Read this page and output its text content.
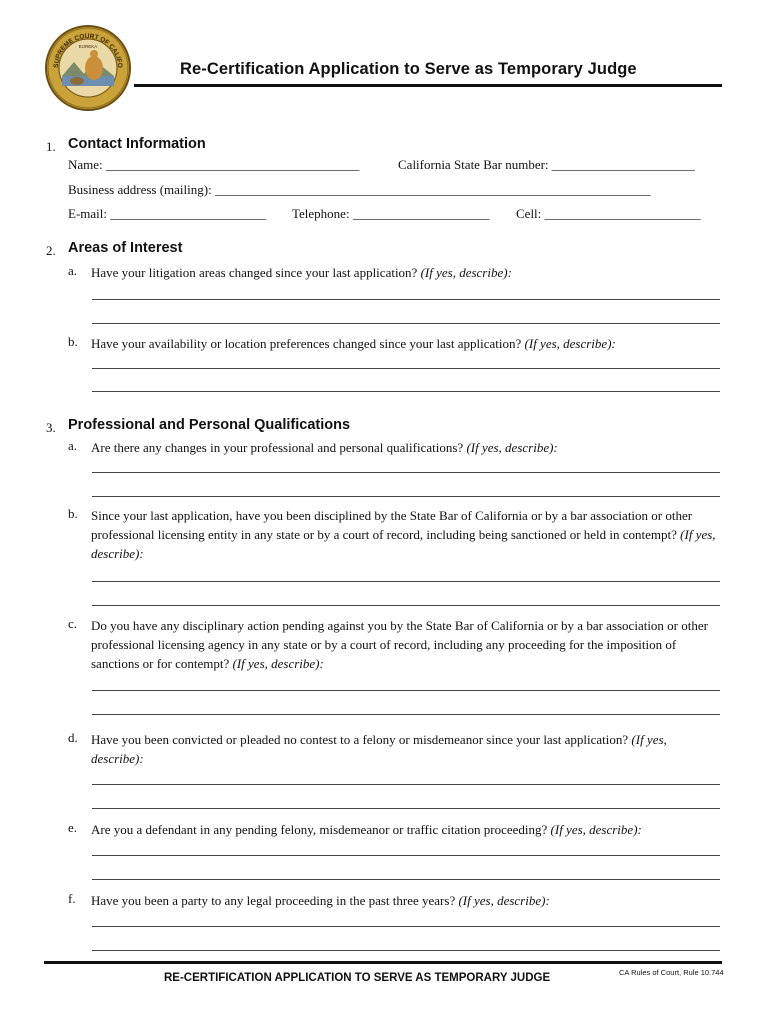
SUPREME COURT OF CALIFO
EUREKA
Re-Certification Application to Serve as Temporary Judge
1. Contact Information
Name: _______________________________________	California State Bar number: ______________________
Business address (mailing): ___________________________________________________________________
E-mail: ________________________ Telephone: _____________________ Cell: ________________________
2. Areas of Interest
a. Have your litigation areas changed since your last application? (If yes, describe):
b. Have your availability or location preferences changed since your last application? (If yes, describe):
3. Professional and Personal Qualifications
a. Are there any changes in your professional and personal qualifications? (If yes, describe):
b. Since your last application, have you been disciplined by the State Bar of California or by a bar association or other professional licensing entity in any state or by a court of record, including being sanctioned or held in contempt? (If yes, describe):
c. Do you have any disciplinary action pending against you by the State Bar of California or by a bar association or other professional licensing agency in any state or by a court of record, including any proceeding for the imposition of sanctions or for contempt? (If yes, describe):
d. Have you been convicted or pleaded no contest to a felony or misdemeanor since your last application? (If yes, describe):
e. Are you a defendant in any pending felony, misdemeanor or traffic citation proceeding? (If yes, describe):
f. Have you been a party to any legal proceeding in the past three years? (If yes, describe):
RE-CERTIFICATION APPLICATION TO SERVE AS TEMPORARY JUDGE	CA Rules of Court, Rule 10.744
